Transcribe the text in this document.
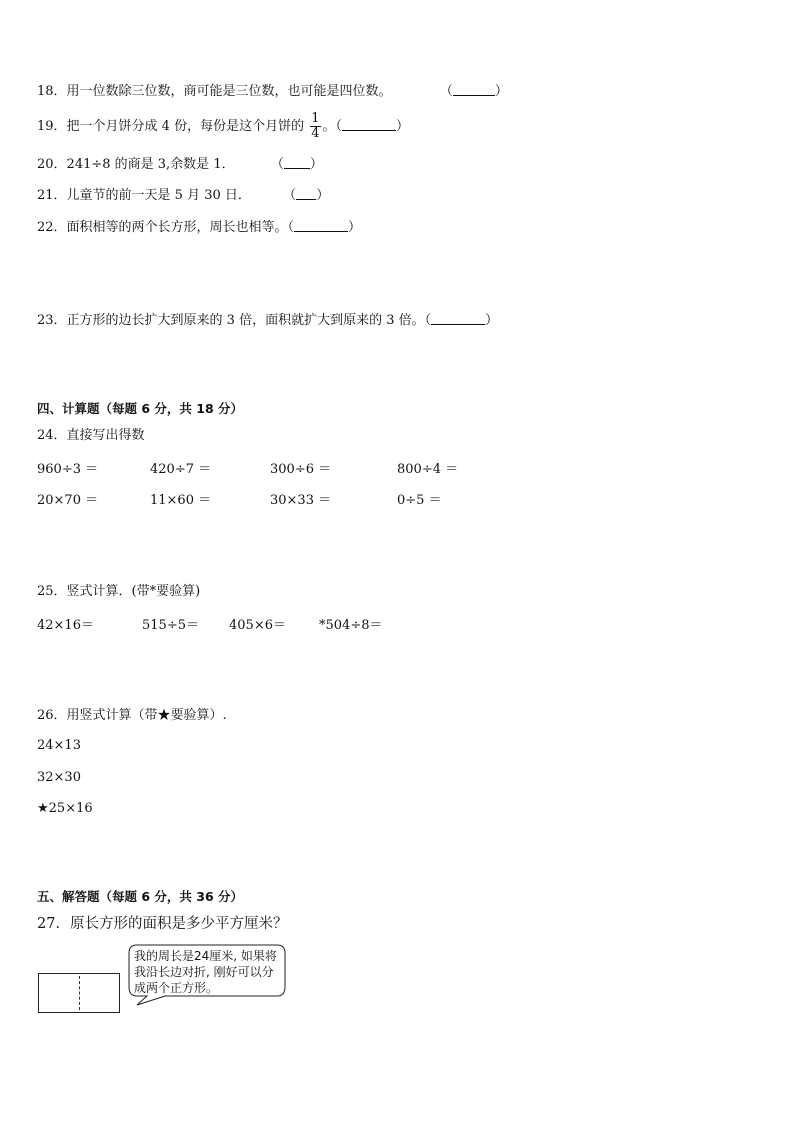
18．用一位数除三位数，商可能是三位数，也可能是四位数。	（	）
19．把一个月饼分成 4 份，每份是这个月饼的 $\frac{1}{4}$ 。（	）
20．241÷8 的商是 3,余数是 1．	（ ）
21．儿童节的前一天是 5 月 30 日． （ ）
22．面积相等的两个长方形，周长也相等。（	）
23．正方形的边长扩大到原来的 3 倍，面积就扩大到原来的 3 倍。（	）
四、计算题（每题 6 分，共 18 分）
24．直接写出得数
960÷3 ＝	420÷7 ＝	300÷6 ＝	800÷4 ＝
20×70 ＝	11×60 ＝	30×33 ＝	0÷5 ＝
25．竖式计算．(带*要验算)
42×16＝	515÷5＝ 405×6＝	*504÷8＝
26．用竖式计算（带★要验算）.
24×13
32×30
★25×16
五、解答题（每题 6 分，共 36 分）
27．原长方形的面积是多少平方厘米？
我的周长是24厘米, 如果将我沿长边对折, 刚好可以分成两个正方形。
